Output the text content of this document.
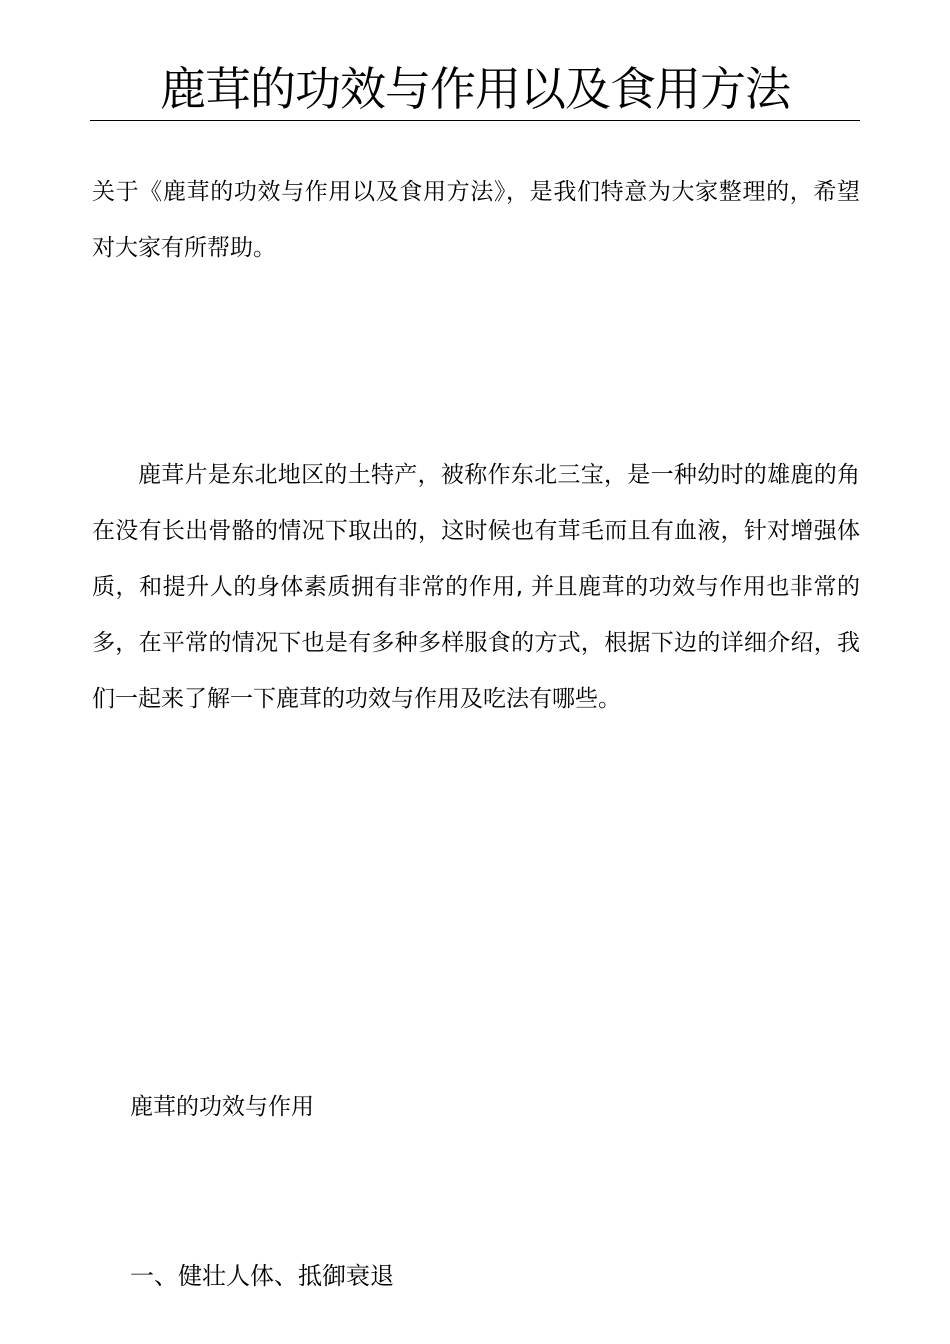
鹿茸的功效与作用以及食用方法

关于《鹿茸的功效与作用以及食用方法》，是我们特意为大家整理的，希望对大家有所帮助。

鹿茸片是东北地区的土特产，被称作东北三宝，是一种幼时的雄鹿的角在没有长出骨骼的情况下取出的，这时候也有茸毛而且有血液，针对增强体质，和提升人的身体素质拥有非常的作用, 并且鹿茸的功效与作用也非常的多，在平常的情况下也是有多种多样服食的方式，根据下边的详细介绍，我们一起来了解一下鹿茸的功效与作用及吃法有哪些。

鹿茸的功效与作用
一、健壮人体、抵御衰退
